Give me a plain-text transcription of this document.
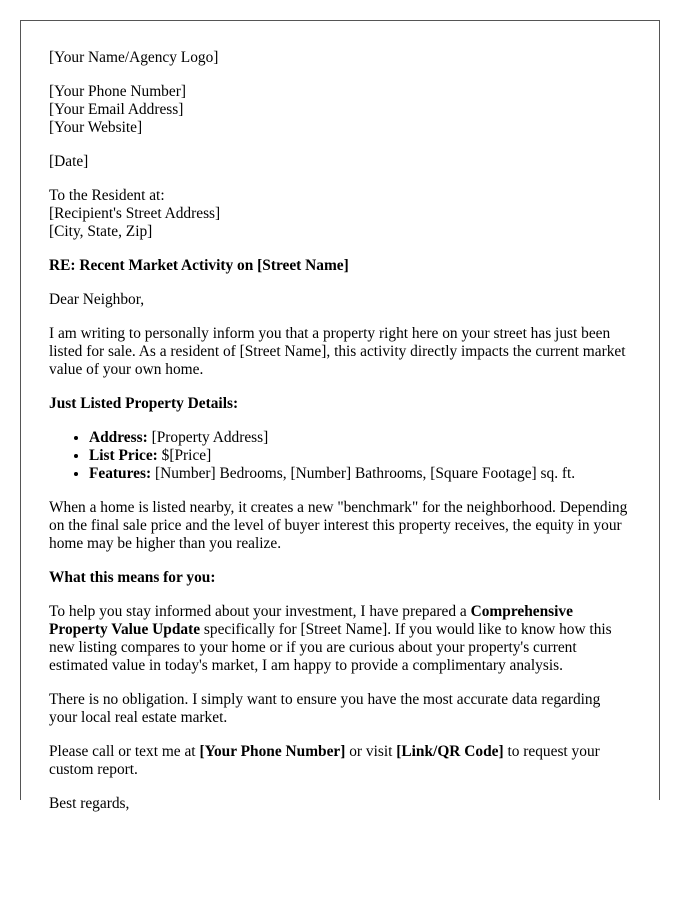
[Your Name/Agency Logo]

[Your Phone Number]
[Your Email Address]
[Your Website]

[Date]

To the Resident at:
[Recipient's Street Address]
[City, State, Zip]

RE: Recent Market Activity on [Street Name]

Dear Neighbor,

I am writing to personally inform you that a property right here on your street has just been listed for sale. As a resident of [Street Name], this activity directly impacts the current market value of your own home.

Just Listed Property Details:

• Address: [Property Address]
• List Price: $[Price]
• Features: [Number] Bedrooms, [Number] Bathrooms, [Square Footage] sq. ft.

When a home is listed nearby, it creates a new "benchmark" for the neighborhood. Depending on the final sale price and the level of buyer interest this property receives, the equity in your home may be higher than you realize.

What this means for you:

To help you stay informed about your investment, I have prepared a Comprehensive Property Value Update specifically for [Street Name]. If you would like to know how this new listing compares to your home or if you are curious about your property's current estimated value in today's market, I am happy to provide a complimentary analysis.

There is no obligation. I simply want to ensure you have the most accurate data regarding your local real estate market.

Please call or text me at [Your Phone Number] or visit [Link/QR Code] to request your custom report.

Best regards,
